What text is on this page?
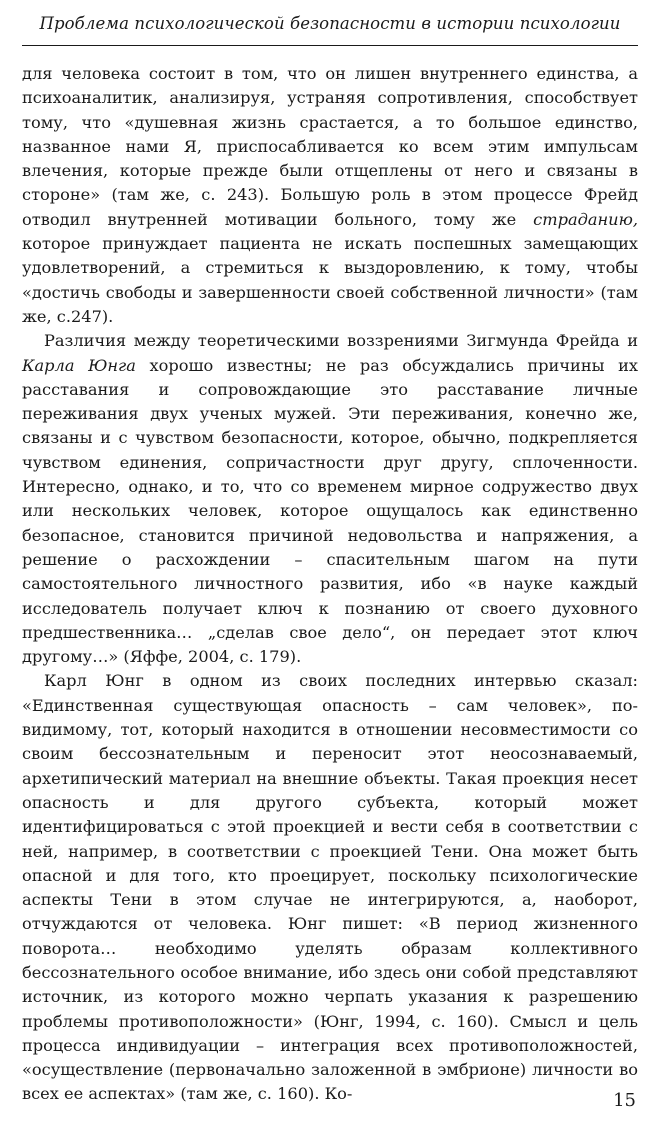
Проблема психологической безопасности в истории психологии

для человека состоит в том, что он лишен внутреннего единства, а психоаналитик, анализируя, устраняя сопротивления, способствует тому, что «душевная жизнь срастается, а то большое единство, названное нами Я, приспосабливается ко всем этим импульсам влечения, которые прежде были отщеплены от него и связаны в стороне» (там же, с. 243). Большую роль в этом процессе Фрейд отводил внутренней мотивации больного, тому же страданию, которое принуждает пациента не искать поспешных замещающих удовлетворений, а стремиться к выздоровлению, к тому, чтобы «достичь свободы и завершенности своей собственной личности» (там же, с.247).

Различия между теоретическими воззрениями Зигмунда Фрейда и Карла Юнга хорошо известны; не раз обсуждались причины их расставания и сопровождающие это расставание личные переживания двух ученых мужей. Эти переживания, конечно же, связаны и с чувством безопасности, которое, обычно, подкрепляется чувством единения, сопричастности друг другу, сплоченности. Интересно, однако, и то, что со временем мирное содружество двух или нескольких человек, которое ощущалось как единственно безопасное, становится причиной недовольства и напряжения, а решение о расхождении – спасительным шагом на пути самостоятельного личностного развития, ибо «в науке каждый исследователь получает ключ к познанию от своего духовного предшественника… „сделав свое дело“, он передает этот ключ другому…» (Яффе, 2004, с. 179).

Карл Юнг в одном из своих последних интервью сказал: «Единственная существующая опасность – сам человек», по-видимому, тот, который находится в отношении несовместимости со своим бессознательным и переносит этот неосознаваемый, архетипический материал на внешние объекты. Такая проекция несет опасность и для другого субъекта, который может идентифицироваться с этой проекцией и вести себя в соответствии с ней, например, в соответствии с проекцией Тени. Она может быть опасной и для того, кто проецирует, поскольку психологические аспекты Тени в этом случае не интегрируются, а, наоборот, отчуждаются от человека. Юнг пишет: «В период жизненного поворота… необходимо уделять образам коллективного бессознательного особое внимание, ибо здесь они собой представляют источник, из которого можно черпать указания к разрешению проблемы противоположности» (Юнг, 1994, с. 160). Смысл и цель процесса индивидуации – интеграция всех противоположностей, «осуществление (первоначально заложенной в эмбрионе) личности во всех ее аспектах» (там же, с. 160). Ко-	15
